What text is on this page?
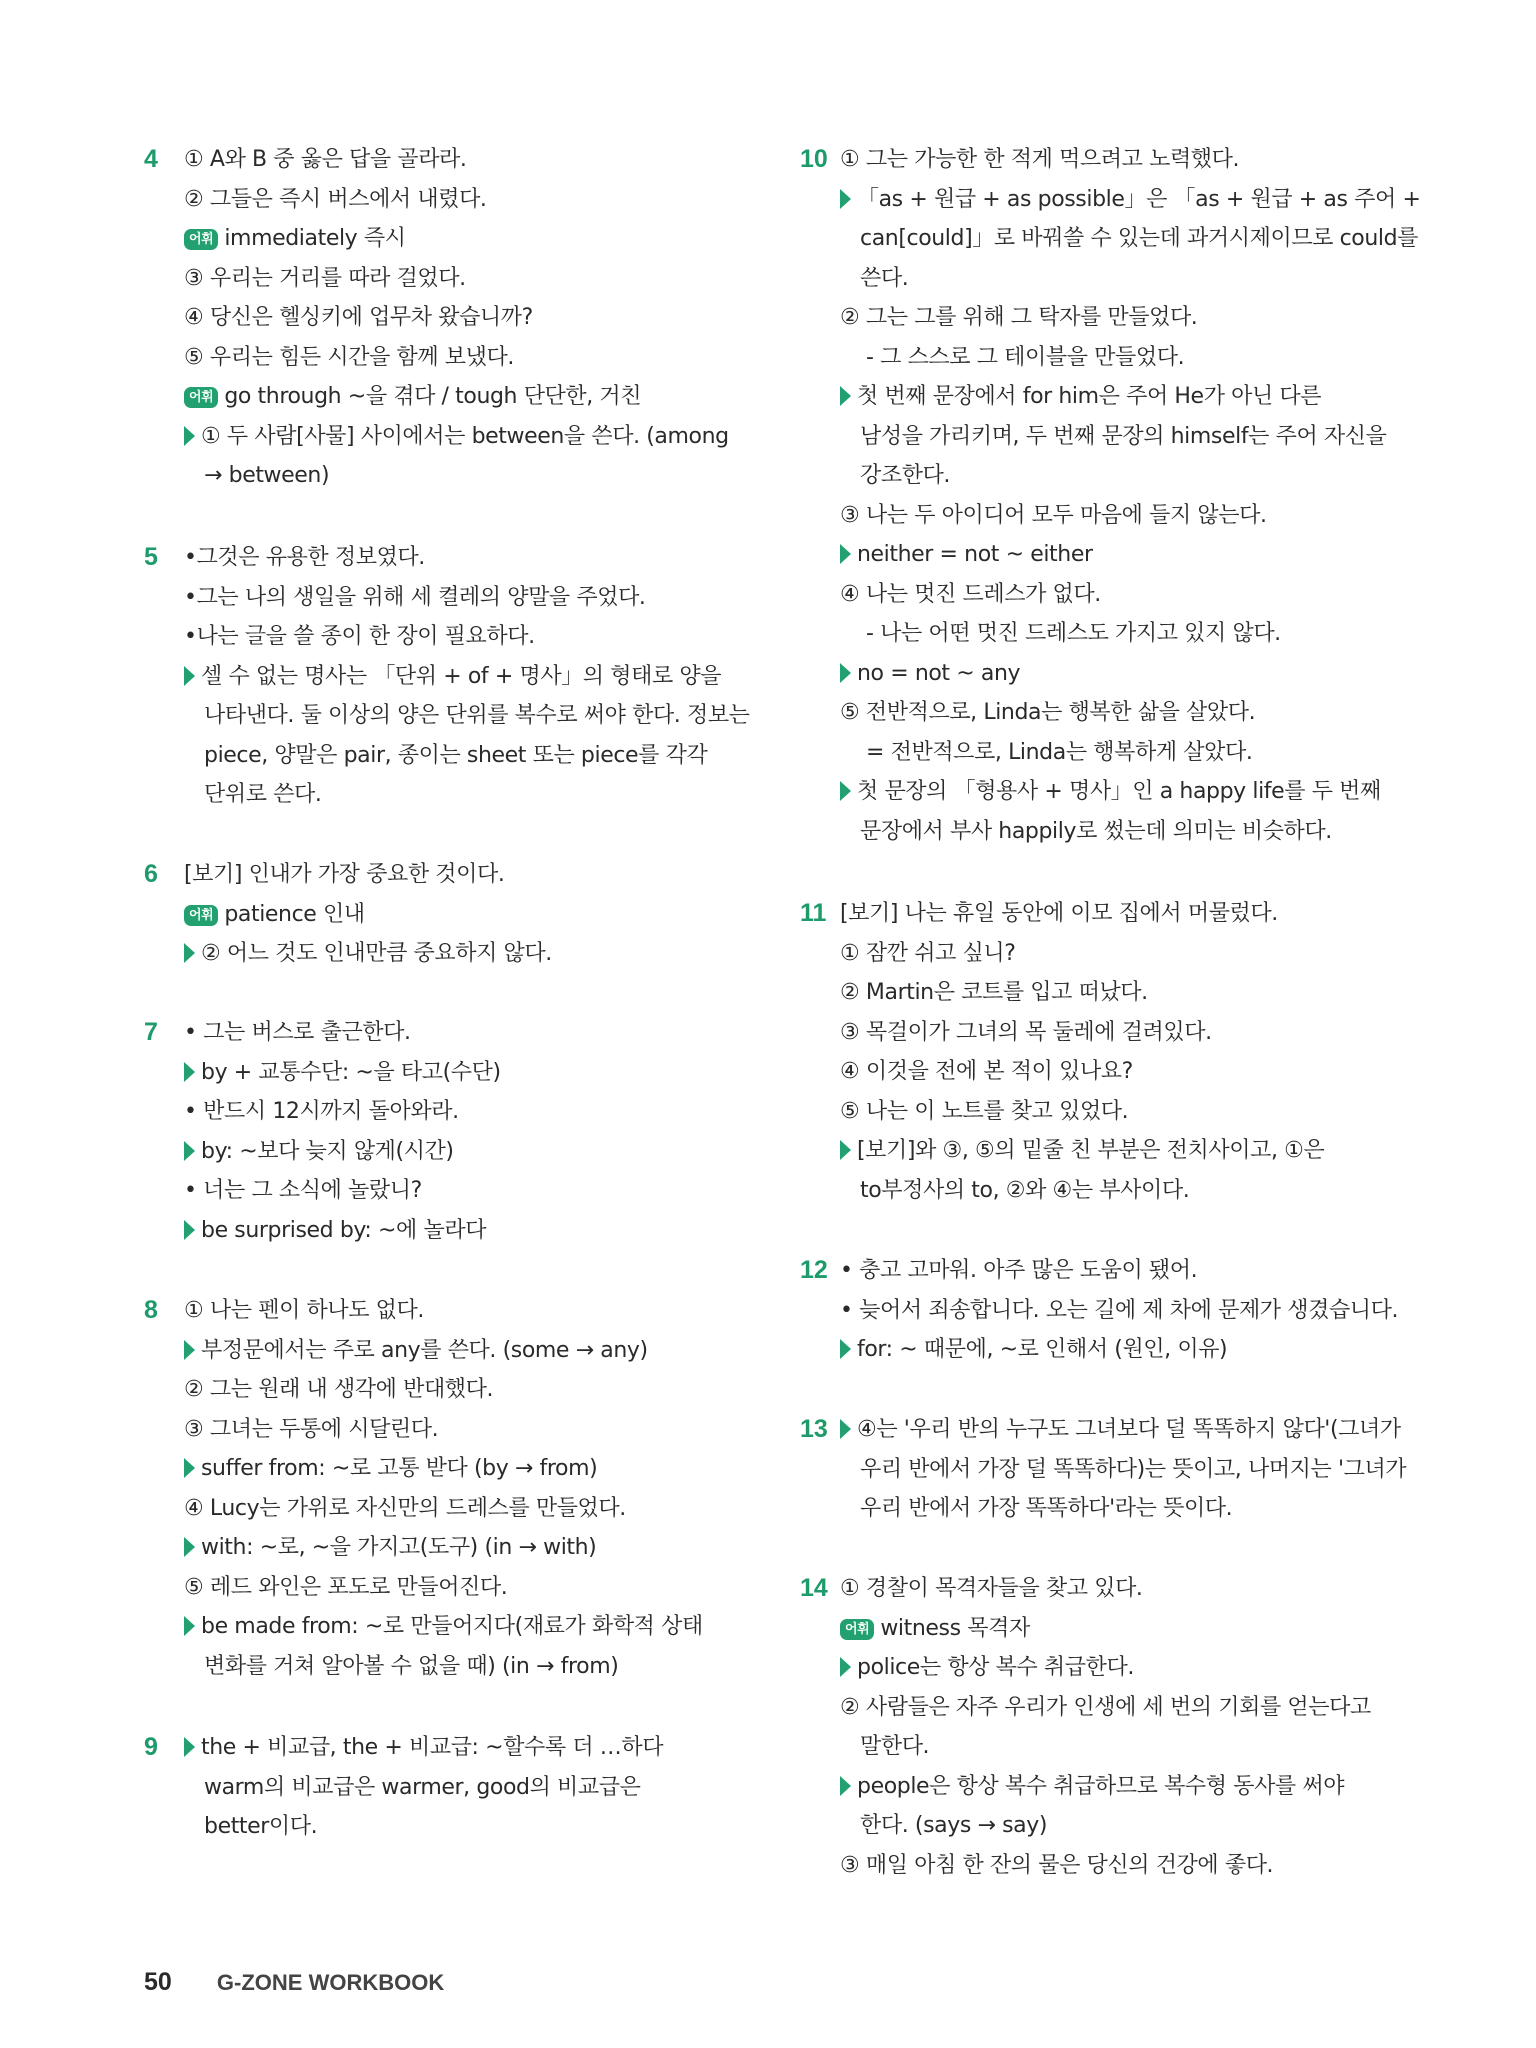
4	① A와 B 중 옳은 답을 골라라.
② 그들은 즉시 버스에서 내렸다.
어휘 immediately 즉시
③ 우리는 거리를 따라 걸었다.
④ 당신은 헬싱키에 업무차 왔습니까?
⑤ 우리는 힘든 시간을 함께 보냈다.
어휘 go through ~을 겪다 / tough 단단한, 거친
① 두 사람[사물] 사이에서는 between을 쓴다. (among
→ between)
5	•그것은 유용한 정보였다.
•그는 나의 생일을 위해 세 켤레의 양말을 주었다.
•나는 글을 쓸 종이 한 장이 필요하다.
셀 수 없는 명사는 「단위 + of + 명사」의 형태로 양을
나타낸다. 둘 이상의 양은 단위를 복수로 써야 한다. 정보는
piece, 양말은 pair, 종이는 sheet 또는 piece를 각각
단위로 쓴다.
6	[보기] 인내가 가장 중요한 것이다.
어휘 patience 인내
② 어느 것도 인내만큼 중요하지 않다.
7	• 그는 버스로 출근한다.
by + 교통수단: ~을 타고(수단)
• 반드시 12시까지 돌아와라.
by: ~보다 늦지 않게(시간)
• 너는 그 소식에 놀랐니?
be surprised by: ~에 놀라다
8	① 나는 펜이 하나도 없다.
부정문에서는 주로 any를 쓴다. (some → any)
② 그는 원래 내 생각에 반대했다.
③ 그녀는 두통에 시달린다.
suffer from: ~로 고통 받다 (by → from)
④ Lucy는 가위로 자신만의 드레스를 만들었다.
with: ~로, ~을 가지고(도구) (in → with)
⑤ 레드 와인은 포도로 만들어진다.
be made from: ~로 만들어지다(재료가 화학적 상태
변화를 거쳐 알아볼 수 없을 때) (in → from)
9	the + 비교급, the + 비교급: ~할수록 더 …하다
warm의 비교급은 warmer, good의 비교급은
better이다.
10 ① 그는 가능한 한 적게 먹으려고 노력했다.
「as + 원급 + as possible」은 「as + 원급 + as 주어 +
can[could]」로 바꿔쓸 수 있는데 과거시제이므로 could를
쓴다.
② 그는 그를 위해 그 탁자를 만들었다.
- 그 스스로 그 테이블을 만들었다.
첫 번째 문장에서 for him은 주어 He가 아닌 다른
남성을 가리키며, 두 번째 문장의 himself는 주어 자신을
강조한다.
③ 나는 두 아이디어 모두 마음에 들지 않는다.
neither = not ~ either
④ 나는 멋진 드레스가 없다.
- 나는 어떤 멋진 드레스도 가지고 있지 않다.
no = not ~ any
⑤ 전반적으로, Linda는 행복한 삶을 살았다.
= 전반적으로, Linda는 행복하게 살았다.
첫 문장의 「형용사 + 명사」인 a happy life를 두 번째
문장에서 부사 happily로 썼는데 의미는 비슷하다.
11 [보기] 나는 휴일 동안에 이모 집에서 머물렀다.
① 잠깐 쉬고 싶니?
② Martin은 코트를 입고 떠났다.
③ 목걸이가 그녀의 목 둘레에 걸려있다.
④ 이것을 전에 본 적이 있나요?
⑤ 나는 이 노트를 찾고 있었다.
[보기]와 ③, ⑤의 밑줄 친 부분은 전치사이고, ①은
to부정사의 to, ②와 ④는 부사이다.
12 • 충고 고마워. 아주 많은 도움이 됐어.
• 늦어서 죄송합니다. 오는 길에 제 차에 문제가 생겼습니다.
for: ~ 때문에, ~로 인해서 (원인, 이유)
13	④는 '우리 반의 누구도 그녀보다 덜 똑똑하지 않다'(그녀가
우리 반에서 가장 덜 똑똑하다)는 뜻이고, 나머지는 '그녀가
우리 반에서 가장 똑똑하다'라는 뜻이다.
14 ① 경찰이 목격자들을 찾고 있다.
어휘 witness 목격자
police는 항상 복수 취급한다.
② 사람들은 자주 우리가 인생에 세 번의 기회를 얻는다고
말한다.
people은 항상 복수 취급하므로 복수형 동사를 써야
한다. (says → say)
③ 매일 아침 한 잔의 물은 당신의 건강에 좋다.
50 G-ZONE WORKBOOK
